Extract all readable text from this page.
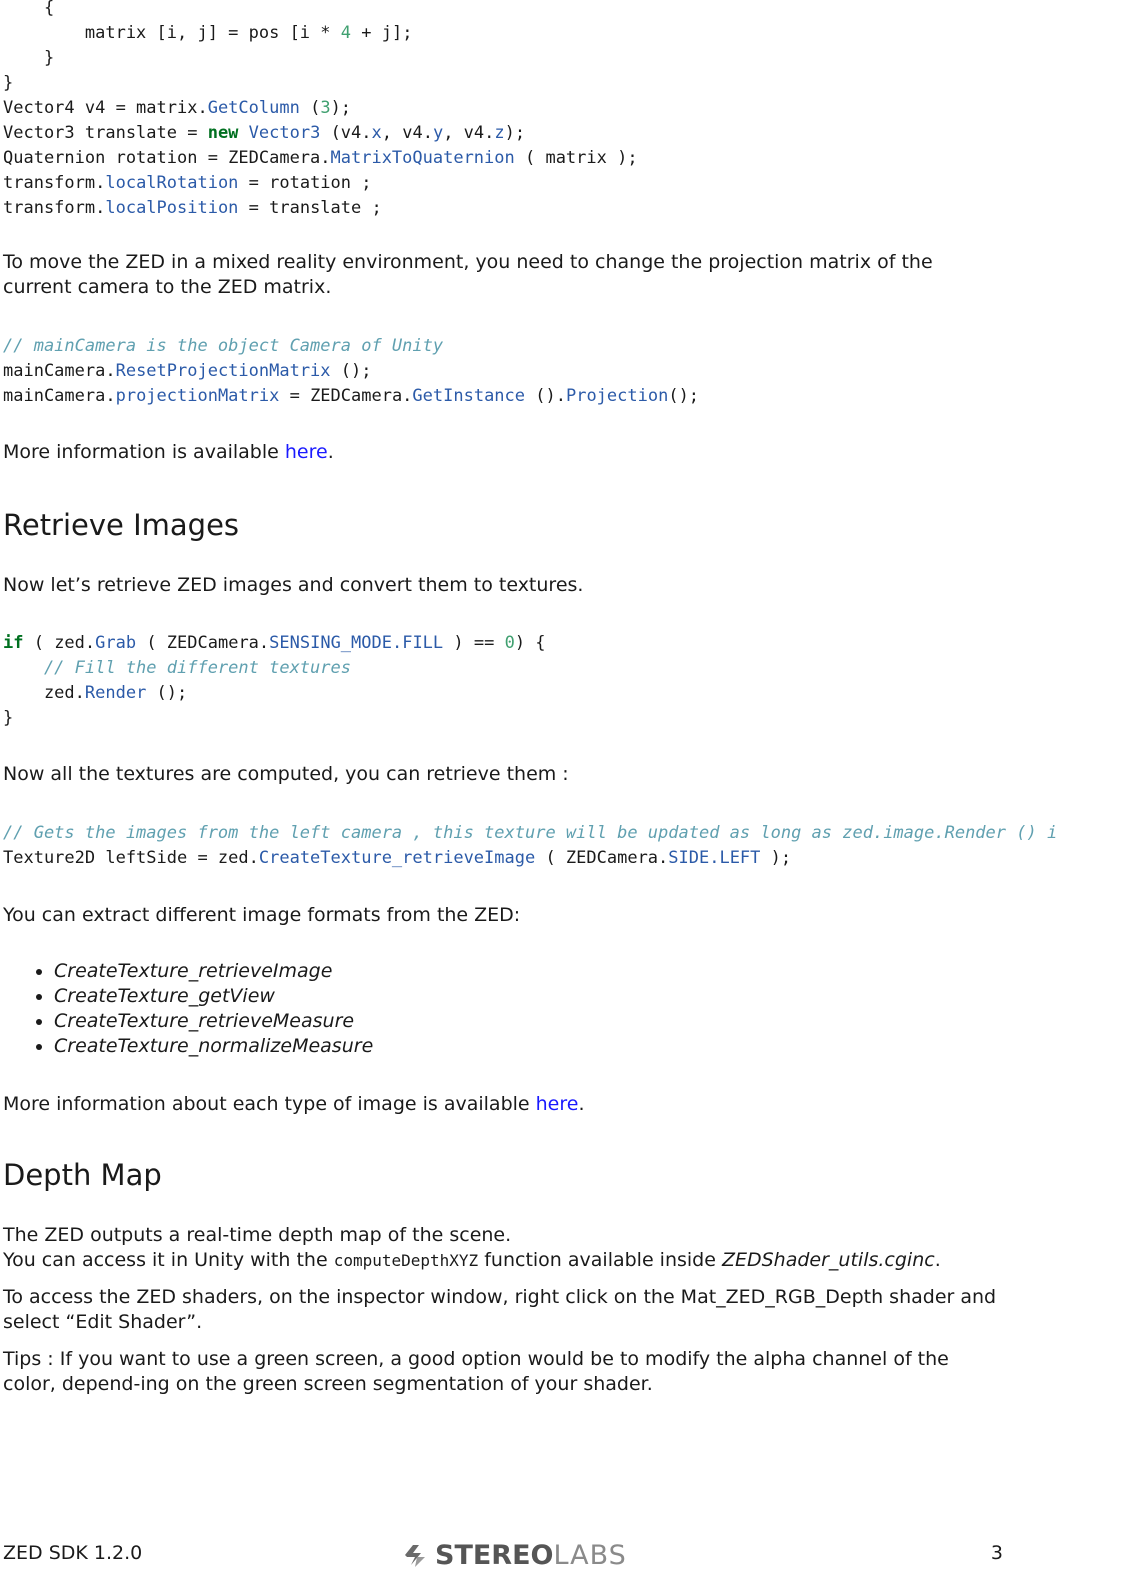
{
matrix [i, j] = pos [i * 4 + j];
}
}
Vector4 v4 = matrix.GetColumn (3);
Vector3 translate = new Vector3 (v4.x, v4.y, v4.z);
Quaternion rotation = ZEDCamera.MatrixToQuaternion ( matrix );
transform.localRotation = rotation ;
transform.localPosition = translate ;

To move the ZED in a mixed reality environment, you need to change the projection matrix of the current camera to the ZED matrix.

// mainCamera is the object Camera of Unity
mainCamera.ResetProjectionMatrix ();
mainCamera.projectionMatrix = ZEDCamera.GetInstance ().Projection();

More information is available here.

Retrieve Images

Now let’s retrieve ZED images and convert them to textures.

if ( zed.Grab ( ZEDCamera.SENSING_MODE.FILL ) == 0) {
// Fill the different textures
zed.Render ();
}

Now all the textures are computed, you can retrieve them :

// Gets the images from the left camera , this texture will be updated as long as zed.image.Render () i
Texture2D leftSide = zed.CreateTexture_retrieveImage ( ZEDCamera.SIDE.LEFT );

You can extract different image formats from the ZED:

• CreateTexture_retrieveImage
• CreateTexture_getView
• CreateTexture_retrieveMeasure
• CreateTexture_normalizeMeasure

More information about each type of image is available here.

Depth Map

The ZED outputs a real-time depth map of the scene.
You can access it in Unity with the computeDepthXYZ function available inside ZEDShader_utils.cginc.

To access the ZED shaders, on the inspector window, right click on the Mat_ZED_RGB_Depth shader and select “Edit Shader”.

Tips : If you want to use a green screen, a good option would be to modify the alpha channel of the color, depend-ing on the green screen segmentation of your shader.

ZED SDK 1.2.0	STEREO LABS	3
